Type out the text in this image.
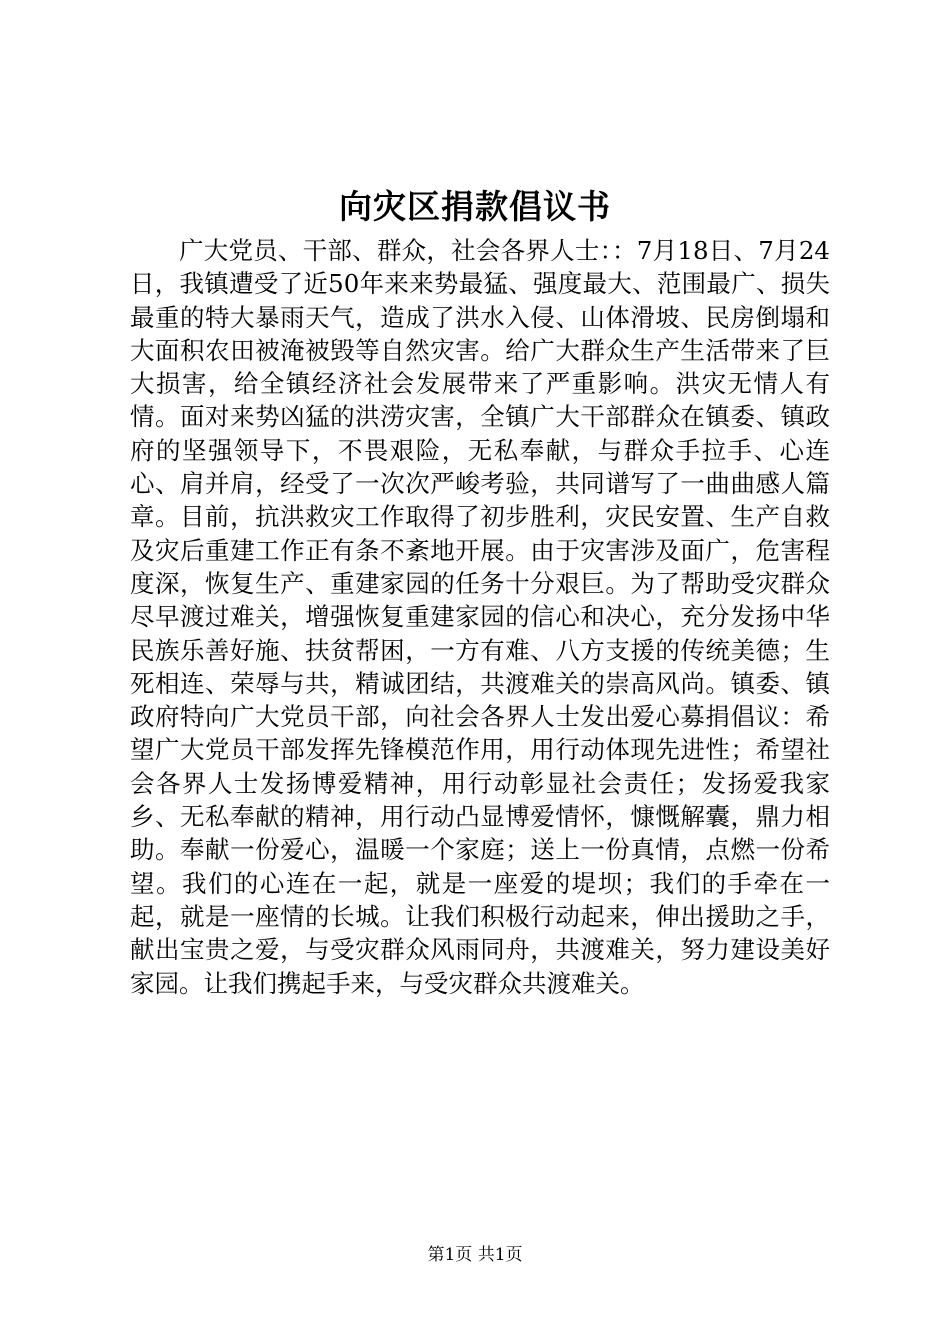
向灾区捐款倡议书

广大党员、干部、群众，社会各界人士：：7月18日、7月24日，我镇遭受了近50年来来势最猛、强度最大、范围最广、损失最重的特大暴雨天气，造成了洪水入侵、山体滑坡、民房倒塌和大面积农田被淹被毁等自然灾害。给广大群众生产生活带来了巨大损害，给全镇经济社会发展带来了严重影响。洪灾无情人有情。面对来势凶猛的洪涝灾害，全镇广大干部群众在镇委、镇政府的坚强领导下，不畏艰险，无私奉献，与群众手拉手、心连心、肩并肩，经受了一次次严峻考验，共同谱写了一曲曲感人篇章。目前，抗洪救灾工作取得了初步胜利，灾民安置、生产自救及灾后重建工作正有条不紊地开展。由于灾害涉及面广，危害程度深，恢复生产、重建家园的任务十分艰巨。为了帮助受灾群众尽早渡过难关，增强恢复重建家园的信心和决心，充分发扬中华民族乐善好施、扶贫帮困，一方有难、八方支援的传统美德；生死相连、荣辱与共，精诚团结，共渡难关的崇高风尚。镇委、镇政府特向广大党员干部，向社会各界人士发出爱心募捐倡议：希望广大党员干部发挥先锋模范作用，用行动体现先进性；希望社会各界人士发扬博爱精神，用行动彰显社会责任；发扬爱我家乡、无私奉献的精神，用行动凸显博爱情怀，慷慨解囊，鼎力相助。奉献一份爱心，温暖一个家庭；送上一份真情，点燃一份希望。我们的心连在一起，就是一座爱的堤坝；我们的手牵在一起，就是一座情的长城。让我们积极行动起来，伸出援助之手，献出宝贵之爱，与受灾群众风雨同舟，共渡难关，努力建设美好家园。让我们携起手来，与受灾群众共渡难关。

第1页 共1页
